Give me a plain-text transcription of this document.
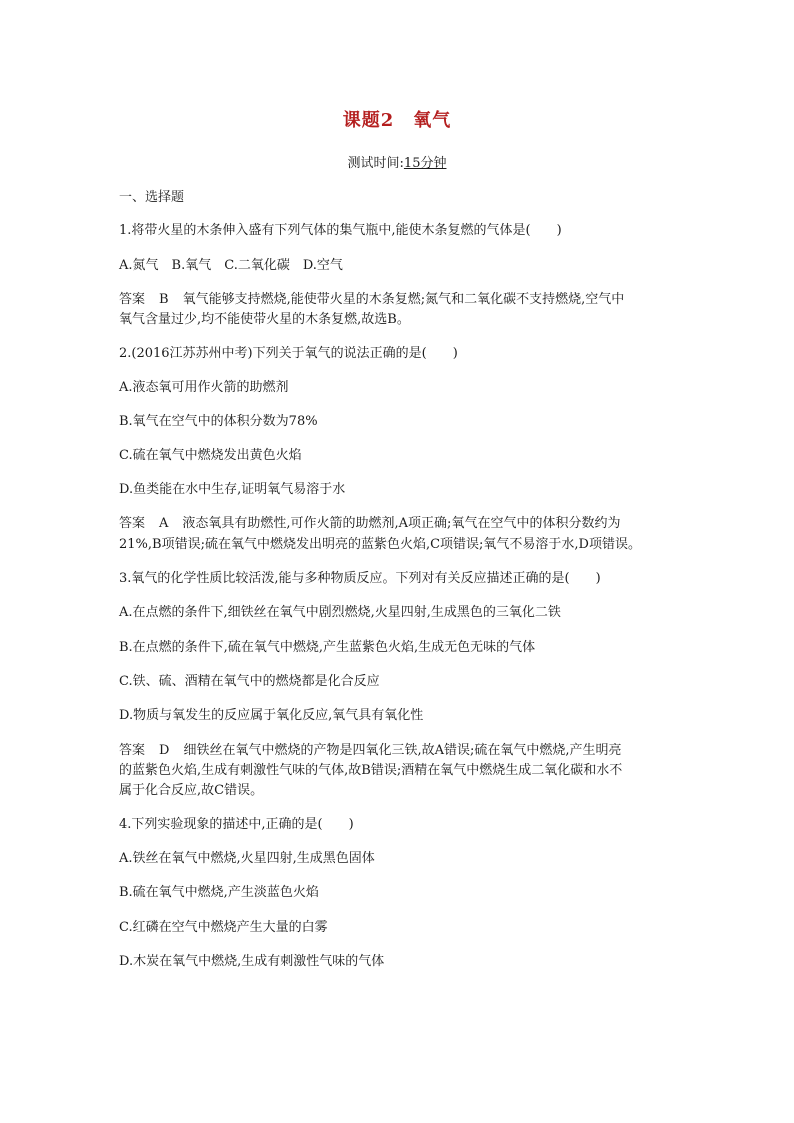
课题2　氧气
测试时间:15分钟
一、选择题
1.将带火星的木条伸入盛有下列气体的集气瓶中,能使木条复燃的气体是(　　)
A.氮气　B.氧气　C.二氧化碳　D.空气
答案 B 氧气能够支持燃烧,能使带火星的木条复燃;氮气和二氧化碳不支持燃烧,空气中
氧气含量过少,均不能使带火星的木条复燃,故选B。
2.(2016江苏苏州中考)下列关于氧气的说法正确的是(　　)
A.液态氧可用作火箭的助燃剂
B.氧气在空气中的体积分数为78%
C.硫在氧气中燃烧发出黄色火焰
D.鱼类能在水中生存,证明氧气易溶于水
答案 A 液态氧具有助燃性,可作火箭的助燃剂,A项正确;氧气在空气中的体积分数约为
21%,B项错误;硫在氧气中燃烧发出明亮的蓝紫色火焰,C项错误;氧气不易溶于水,D项错误。
3.氧气的化学性质比较活泼,能与多种物质反应。下列对有关反应描述正确的是(　　)
A.在点燃的条件下,细铁丝在氧气中剧烈燃烧,火星四射,生成黑色的三氧化二铁
B.在点燃的条件下,硫在氧气中燃烧,产生蓝紫色火焰,生成无色无味的气体
C.铁、硫、酒精在氧气中的燃烧都是化合反应
D.物质与氧发生的反应属于氧化反应,氧气具有氧化性
答案 D 细铁丝在氧气中燃烧的产物是四氧化三铁,故A错误;硫在氧气中燃烧,产生明亮
的蓝紫色火焰,生成有刺激性气味的气体,故B错误;酒精在氧气中燃烧生成二氧化碳和水不
属于化合反应,故C错误。
4.下列实验现象的描述中,正确的是(　　)
A.铁丝在氧气中燃烧,火星四射,生成黑色固体
B.硫在氧气中燃烧,产生淡蓝色火焰
C.红磷在空气中燃烧产生大量的白雾
D.木炭在氧气中燃烧,生成有刺激性气味的气体
